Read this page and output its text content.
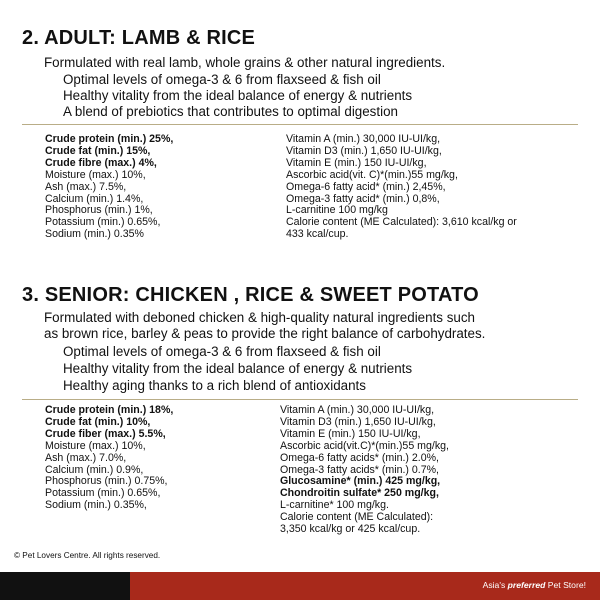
2. ADULT: LAMB & RICE
Formulated with real lamb, whole grains & other natural ingredients.
Optimal levels of omega-3 & 6 from flaxseed & fish oil
Healthy vitality from the ideal balance of energy & nutrients
A blend of prebiotics that contributes to optimal digestion
Crude protein (min.) 25%,
Crude fat (min.) 15%,
Crude fibre (max.) 4%,
Moisture (max.) 10%,
Ash (max.) 7.5%,
Calcium (min.) 1.4%,
Phosphorus (min.) 1%,
Potassium (min.) 0.65%,
Sodium (min.) 0.35%
Vitamin A (min.) 30,000 IU-UI/kg,
Vitamin D3 (min.) 1,650 IU-UI/kg,
Vitamin E (min.) 150 IU-UI/kg,
Ascorbic acid(vit. C)*(min.)55 mg/kg,
Omega-6 fatty acid* (min.) 2,45%,
Omega-3 fatty acid* (min.) 0,8%,
L-carnitine 100 mg/kg
Calorie content (ME Calculated): 3,610 kcal/kg or
433 kcal/cup.
3. SENIOR: CHICKEN , RICE & SWEET POTATO
Formulated with deboned chicken & high-quality natural ingredients such
as brown rice, barley & peas to provide the right balance of carbohydrates.
Optimal levels of omega-3 & 6 from flaxseed & fish oil
Healthy vitality from the ideal balance of energy & nutrients
Healthy aging thanks to a rich blend of antioxidants
Crude protein (min.) 18%,
Crude fat (min.) 10%,
Crude fiber (max.) 5.5%,
Moisture (max.) 10%,
Ash (max.) 7.0%,
Calcium (min.) 0.9%,
Phosphorus (min.) 0.75%,
Potassium (min.) 0.65%,
Sodium (min.) 0.35%,
Vitamin A (min.) 30,000 IU-UI/kg,
Vitamin D3 (min.) 1,650 IU-UI/kg,
Vitamin E (min.) 150 IU-UI/kg,
Ascorbic acid(vit.C)*(min.)55 mg/kg,
Omega-6 fatty acids* (min.) 2.0%,
Omega-3 fatty acids* (min.) 0.7%,
Glucosamine* (min.) 425 mg/kg,
Chondroitin sulfate* 250 mg/kg,
L-carnitine* 100 mg/kg.
Calorie content (ME Calculated):
3,350 kcal/kg or 425 kcal/cup.
© Pet Lovers Centre. All rights reserved.
Asia's preferred Pet Store!
